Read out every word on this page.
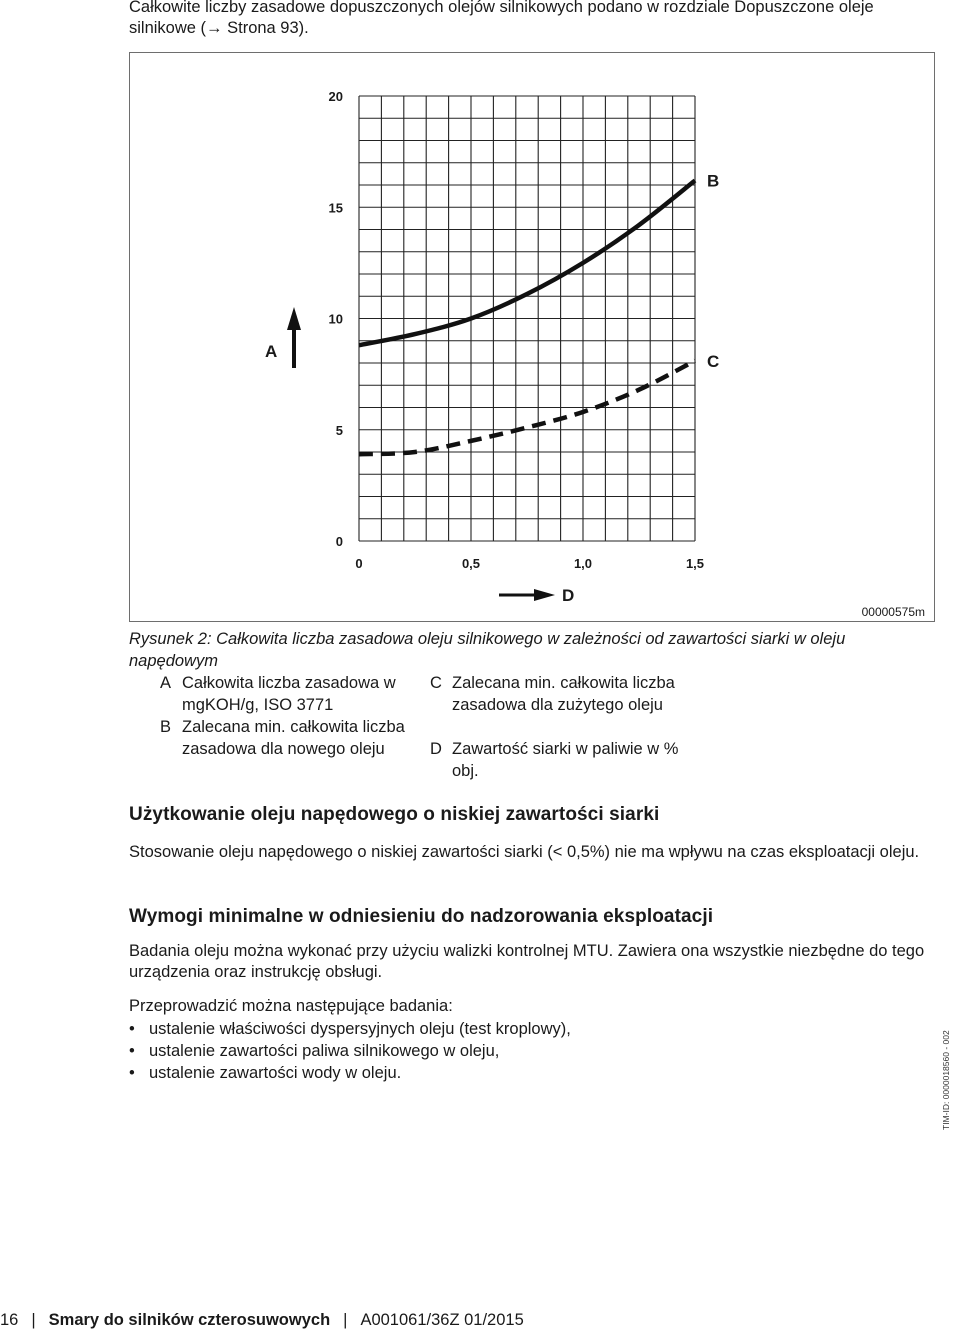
Całkowite liczby zasadowe dopuszczonych olejów silnikowych podano w rozdziale Dopuszczone oleje silnikowe (→ Strona 93).
0
5
10
15
20
0	0,5	1,0	1,5
B
C
A
D
00000575m
Rysunek 2: Całkowita liczba zasadowa oleju silnikowego w zależności od zawartości siarki w oleju napędowym
A Całkowita liczba zasadowa w mgKOH/g, ISO 3771
B Zalecana min. całkowita liczba zasadowa dla nowego oleju
C Zalecana min. całkowita liczba zasadowa dla zużytego oleju
D Zawartość siarki w paliwie w % obj.
Użytkowanie oleju napędowego o niskiej zawartości siarki
Stosowanie oleju napędowego o niskiej zawartości siarki (< 0,5%) nie ma wpływu na czas eksploatacji oleju.
Wymogi minimalne w odniesieniu do nadzorowania eksploatacji
Badania oleju można wykonać przy użyciu walizki kontrolnej MTU. Zawiera ona wszystkie niezbędne do tego urządzenia oraz instrukcję obsługi.
Przeprowadzić można następujące badania:
• ustalenie właściwości dyspersyjnych oleju (test kroplowy),
• ustalenie zawartości paliwa silnikowego w oleju,
• ustalenie zawartości wody w oleju.	TIM-ID: 0000018560 - 002
16 | Smary do silników czterosuwowych | A001061/36Z 01/2015
